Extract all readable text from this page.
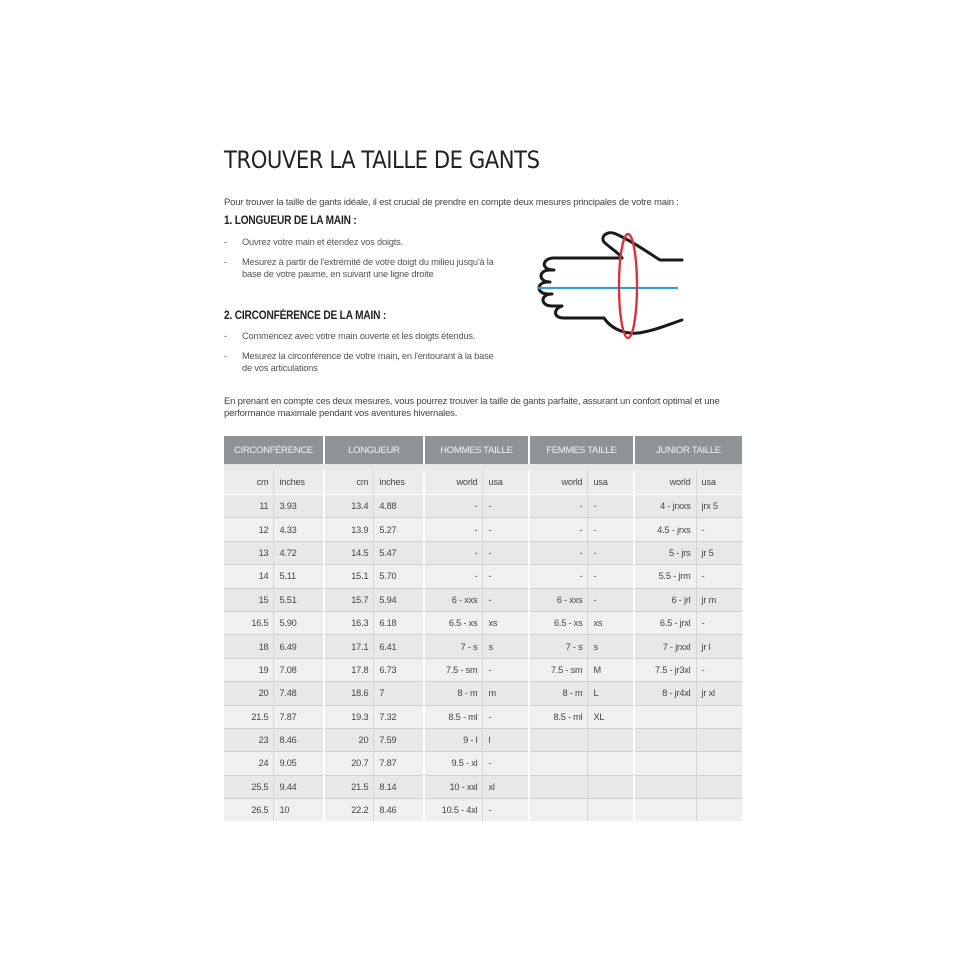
TROUVER LA TAILLE DE GANTS

Pour trouver la taille de gants idéale, il est crucial de prendre en compte deux mesures principales de votre main :

1. LONGUEUR DE LA MAIN :
- Ouvrez votre main et étendez vos doigts.
- Mesurez à partir de l'extrémité de votre doigt du milieu jusqu'à la base de votre paume, en suivant une ligne droite
2. CIRCONFÉRENCE DE LA MAIN :
- Commencez avec votre main ouverte et les doigts étendus.
- Mesurez la circonférence de votre main, en l'entourant à la base de vos articulations

En prenant en compte ces deux mesures, vous pourrez trouver la taille de gants parfaite, assurant un confort optimal et une performance maximale pendant vos aventures hivernales.

CIRCONFÉRENCE		LONGUEUR		HOMMES TAILLE		FEMMES TAILLE		JUNIOR TAILLE	

cm	inches	cm	inches	world	usa	world	usa	world	usa
11	3.93	13.4	4.88	-	-	-	-	4 - jrxxs	jrx 5
12	4.33	13.9	5.27	-	-	-	-	4.5 - jrxs	-
13	4.72	14.5	5.47	-	-	-	-	5 - jrs	jr 5
14	5.11	15.1	5.70	-	-	-	-	5.5 - jrm	-
15	5.51	15.7	5.94	6 - xxs	-	6 - xxs	-	6 - jrl	jr m
16.5	5.90	16.3	6.18	6.5 - xs	xs	6.5 - xs	xs	6.5 - jrxl	-
18	6.49	17.1	6.41	7 - s	s	7 - s	s	7 - jrxxl	jr l
19	7.08	17.8	6.73	7.5 - sm	-	7.5 - sm	M	7.5 - jr3xl	-
20	7.48	18.6	7	8 - m	m	8 - m	L	8 - jr4xl	jr xl
21.5	7.87	19.3	7.32	8.5 - ml	-	8.5 - ml	XL		
23	8.46	20	7.59	9 - l	l				
24	9.05	20.7	7.87	9.5 - xl	-				
25.5	9.44	21.5	8.14	10 - xxl	xl				
26.5	10	22.2	8.46	10.5 - 4xl	-				
